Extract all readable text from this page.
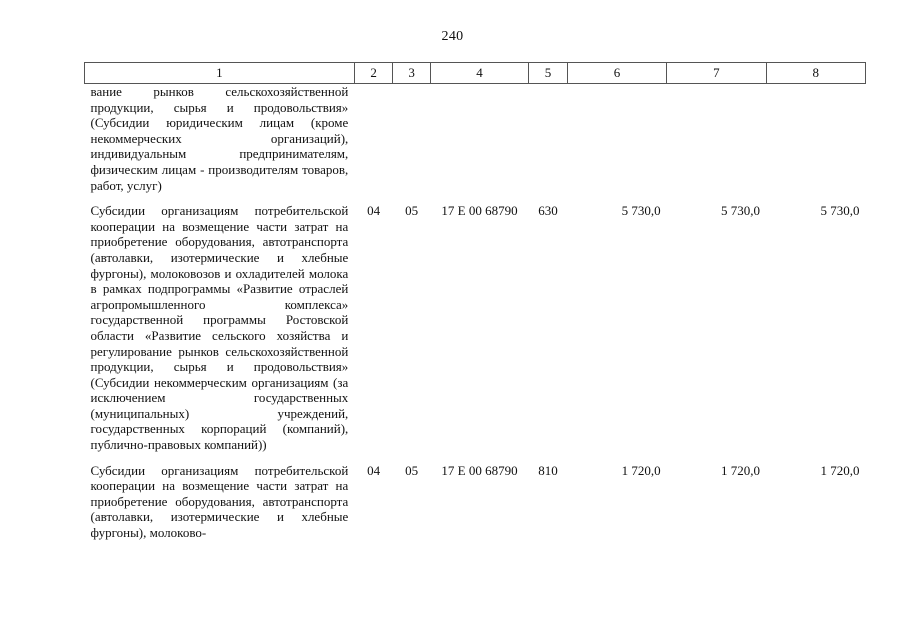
240
1	2	3	4	5	6	7	8
вание рынков сельскохозяйственной продукции, сырья и продовольствия» (Субсидии юридическим лицам (кроме некоммерческих организаций), индивидуальным предпринимателям, физическим лицам - производителям товаров, работ, услуг)							
Субсидии организациям потребительской кооперации на возмещение части затрат на приобретение оборудования, автотранспорта (автолавки, изотермические и хлебные фургоны), молоковозов и охладителей молока в рамках подпрограммы «Развитие отраслей агропромышленного комплекса» государственной программы Ростовской области «Развитие сельского хозяйства и регулирование рынков сельскохозяйственной продукции, сырья и продовольствия» (Субсидии некоммерческим организациям (за исключением государственных (муниципальных) учреждений, государственных корпораций (компаний), публично-правовых компаний))	04	05	17 Е 00 68790	630	5 730,0	5 730,0	5 730,0
Субсидии организациям потребительской кооперации на возмещение части затрат на приобретение оборудования, автотранспорта (автолавки, изотермические и хлебные фургоны), молоково-	04	05	17 Е 00 68790	810	1 720,0	1 720,0	1 720,0
